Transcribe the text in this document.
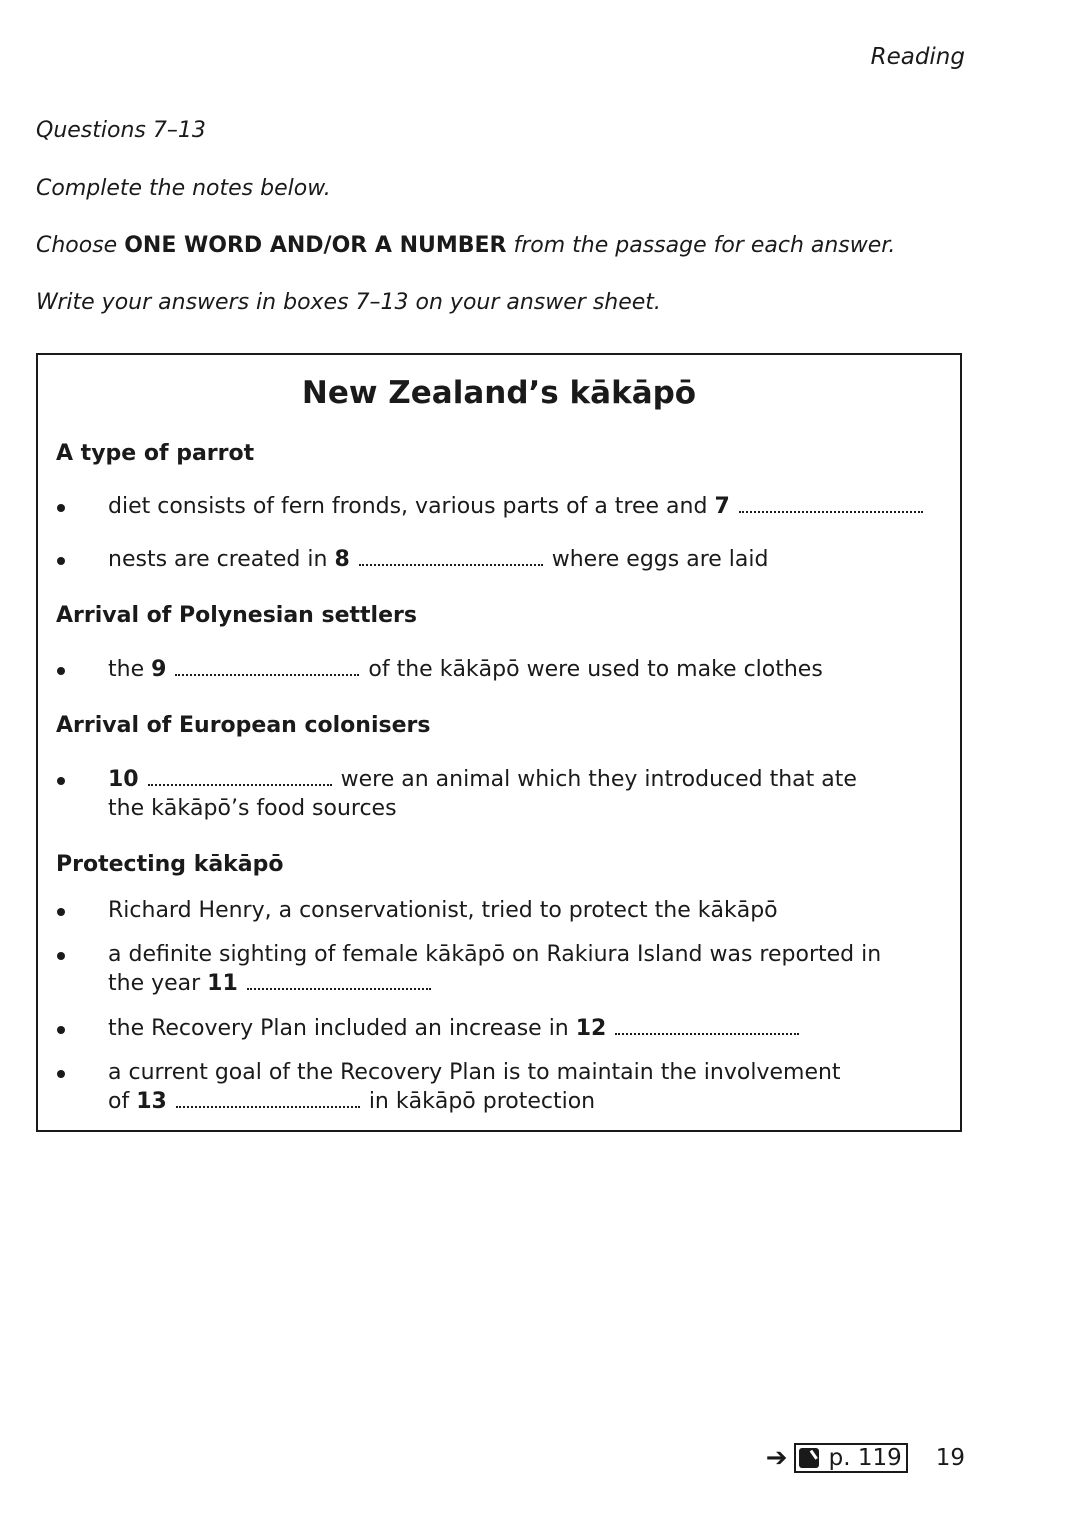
Reading
Questions 7–13
Complete the notes below.
Choose ONE WORD AND/OR A NUMBER from the passage for each answer.
Write your answers in boxes 7–13 on your answer sheet.
New Zealand’s kākāpō
A type of parrot
diet consists of fern fronds, various parts of a tree and 7
nests are created in 8	where eggs are laid
Arrival of Polynesian settlers
the 9	of the kākāpō were used to make clothes
Arrival of European colonisers
10	were an animal which they introduced that ate the kākāpō’s food sources
Protecting kākāpō
Richard Henry, a conservationist, tried to protect the kākāpō
a definite sighting of female kākāpō on Rakiura Island was reported in the year 11
the Recovery Plan included an increase in 12
a current goal of the Recovery Plan is to maintain the involvement of 13	in kākāpō protection
➔ p. 119 19
